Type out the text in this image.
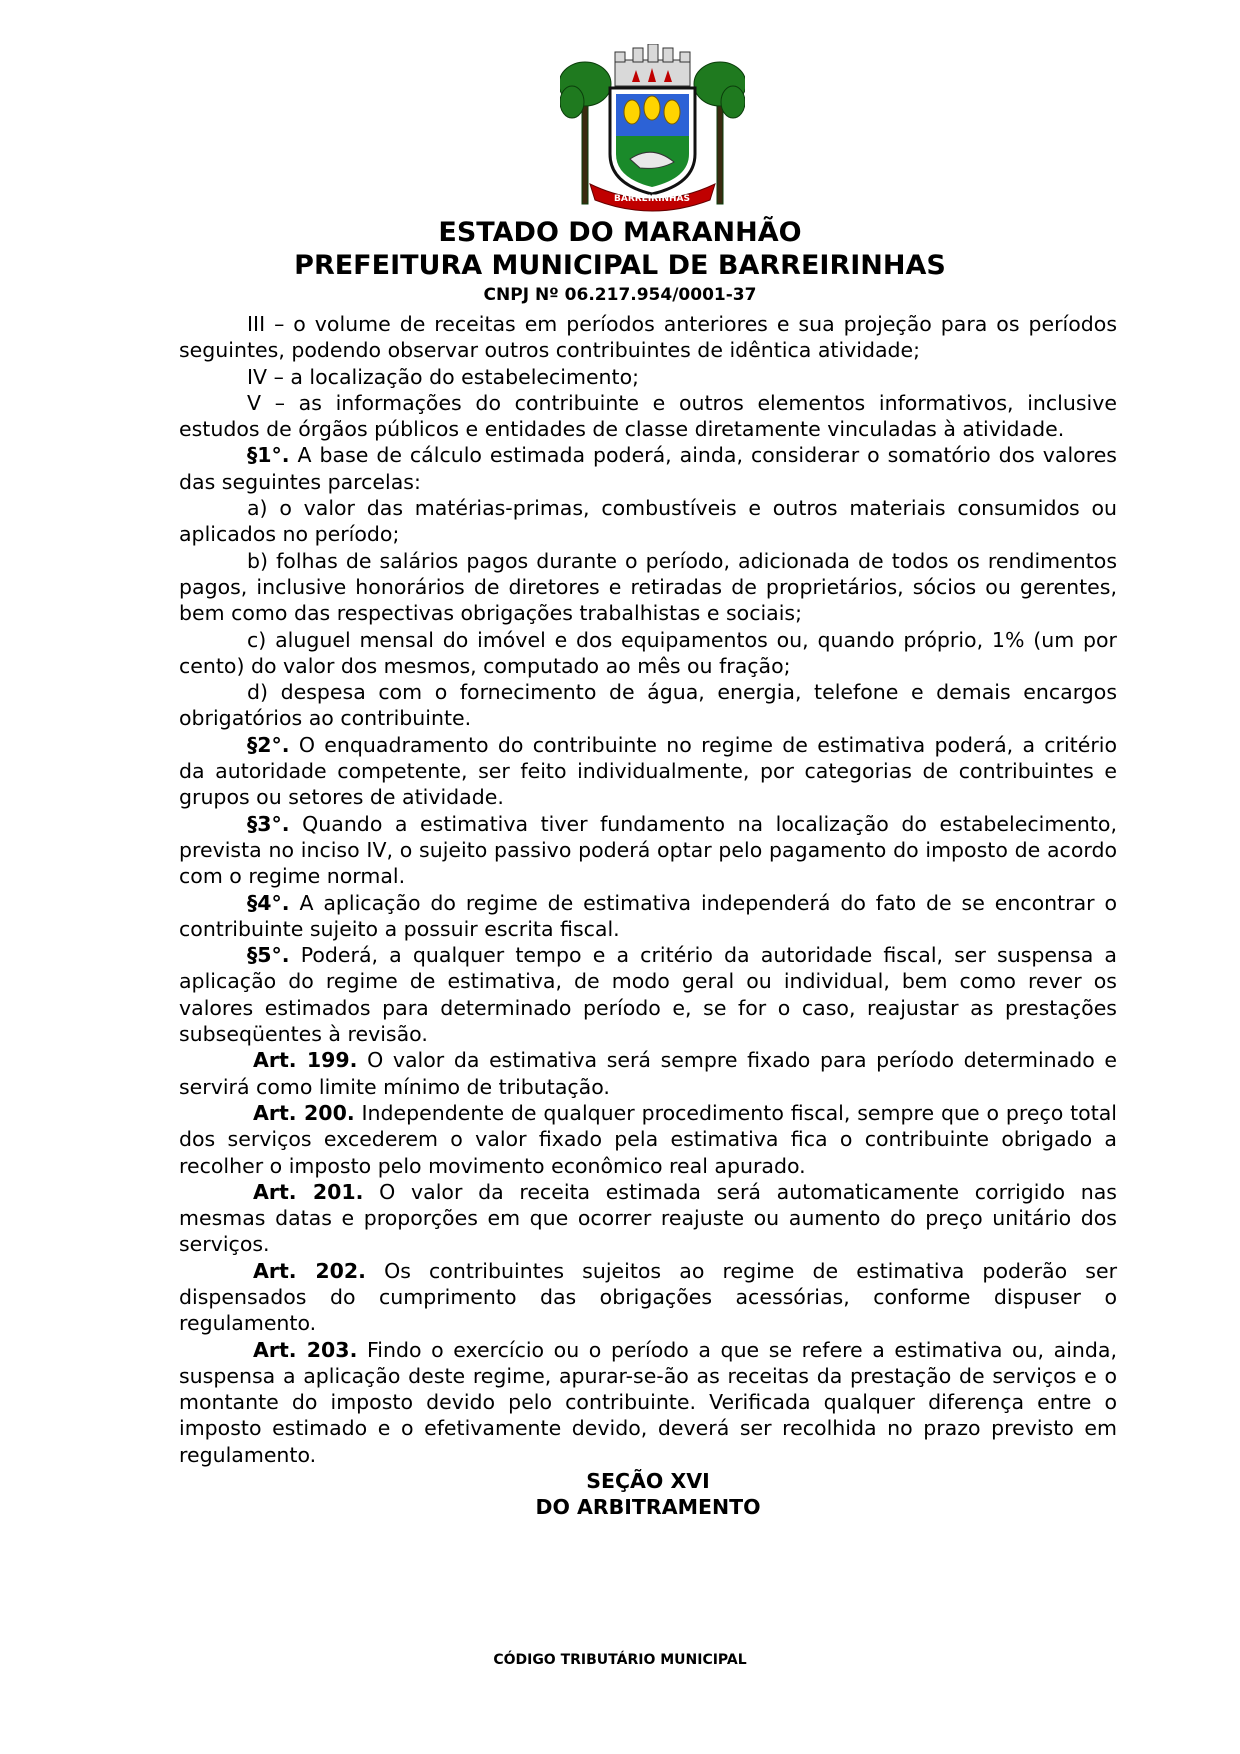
BARREIRINHAS
ESTADO DO MARANHÃO
PREFEITURA MUNICIPAL DE BARREIRINHAS
CNPJ Nº 06.217.954/0001-37

III – o volume de receitas em períodos anteriores e sua projeção para os períodos seguintes, podendo observar outros contribuintes de idêntica atividade;

IV – a localização do estabelecimento;

V – as informações do contribuinte e outros elementos informativos, inclusive estudos de órgãos públicos e entidades de classe diretamente vinculadas à atividade.

§1°. A base de cálculo estimada poderá, ainda, considerar o somatório dos valores das seguintes parcelas:

a) o valor das matérias-primas, combustíveis e outros materiais consumidos ou aplicados no período;

b) folhas de salários pagos durante o período, adicionada de todos os rendimentos pagos, inclusive honorários de diretores e retiradas de proprietários, sócios ou gerentes, bem como das respectivas obrigações trabalhistas e sociais;

c) aluguel mensal do imóvel e dos equipamentos ou, quando próprio, 1% (um por cento) do valor dos mesmos, computado ao mês ou fração;

d) despesa com o fornecimento de água, energia, telefone e demais encargos obrigatórios ao contribuinte.

§2°. O enquadramento do contribuinte no regime de estimativa poderá, a critério da autoridade competente, ser feito individualmente, por categorias de contribuintes e grupos ou setores de atividade.

§3°. Quando a estimativa tiver fundamento na localização do estabelecimento, prevista no inciso IV, o sujeito passivo poderá optar pelo pagamento do imposto de acordo com o regime normal.

§4°. A aplicação do regime de estimativa independerá do fato de se encontrar o contribuinte sujeito a possuir escrita fiscal.

§5°. Poderá, a qualquer tempo e a critério da autoridade fiscal, ser suspensa a aplicação do regime de estimativa, de modo geral ou individual, bem como rever os valores estimados para determinado período e, se for o caso, reajustar as prestações subseqüentes à revisão.

Art. 199. O valor da estimativa será sempre fixado para período determinado e servirá como limite mínimo de tributação.

Art. 200. Independente de qualquer procedimento fiscal, sempre que o preço total dos serviços excederem o valor fixado pela estimativa fica o contribuinte obrigado a recolher o imposto pelo movimento econômico real apurado.

Art. 201. O valor da receita estimada será automaticamente corrigido nas mesmas datas e proporções em que ocorrer reajuste ou aumento do preço unitário dos serviços.

Art. 202. Os contribuintes sujeitos ao regime de estimativa poderão ser dispensados do cumprimento das obrigações acessórias, conforme dispuser o regulamento.

Art. 203. Findo o exercício ou o período a que se refere a estimativa ou, ainda, suspensa a aplicação deste regime, apurar-se-ão as receitas da prestação de serviços e o montante do imposto devido pelo contribuinte. Verificada qualquer diferença entre o imposto estimado e o efetivamente devido, deverá ser recolhida no prazo previsto em regulamento.

SEÇÃO XVI

DO ARBITRAMENTO

CÓDIGO TRIBUTÁRIO MUNICIPAL
